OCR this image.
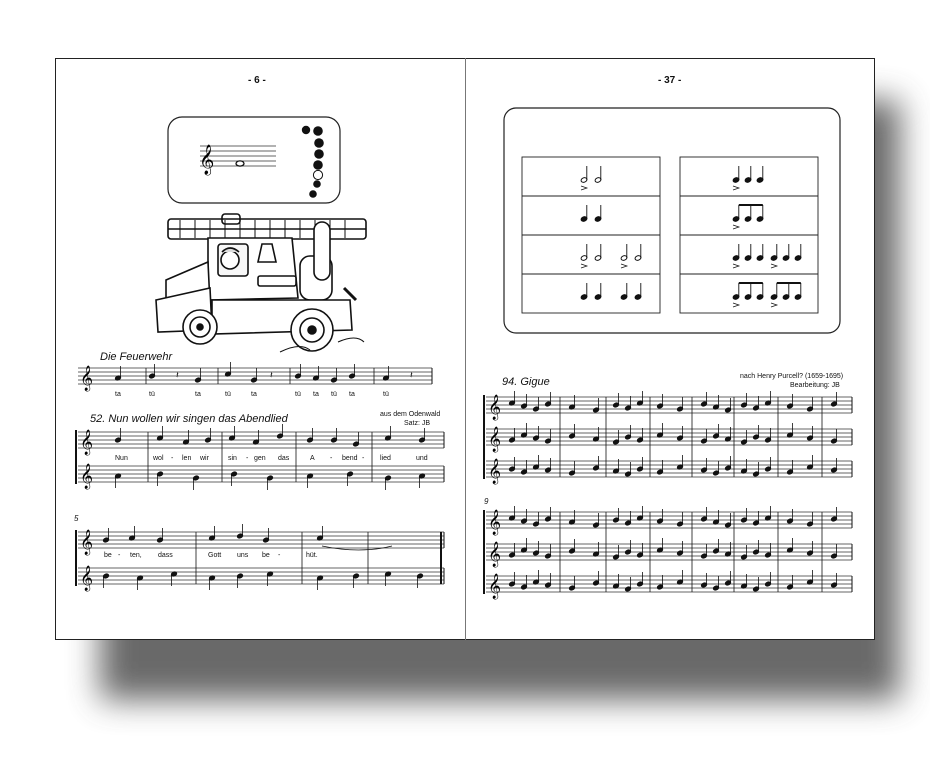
- 6 -
Die Feuerwehr
ta	tü	ta	tü	ta	tü ta tü ta	tü
52. Nun wollen wir singen das Abendlied	aus dem Odenwald
Satz: JB
5
Nun	wol - len wir	sin - gen das	A - bend - lied	und
be - ten, dass	Gott uns be -	hüt.
- 37 -
94. Gigue	nach Henry Purcell? (1659-1695)
Bearbeitung: JB
9
𝄞
𝄞	𝄽	𝄽	𝄽
𝄞
𝄞
𝄞
𝄞
𝄞
𝄞
𝄞
𝄞
𝄞
𝄞
